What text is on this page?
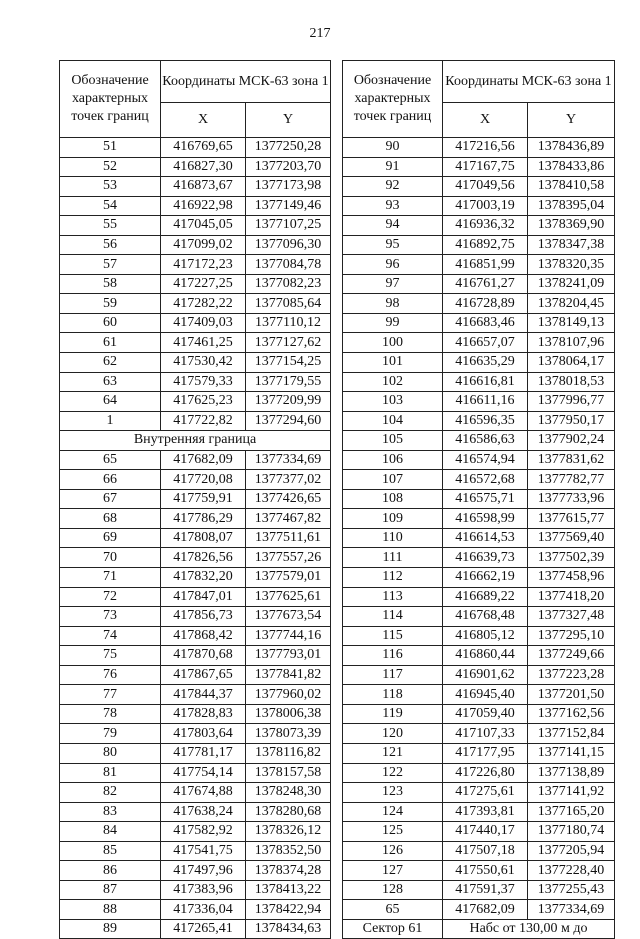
217
Обозначение характерных точек границ	Координаты МСК-63 зона 1	
	X	Y
51	416769,65	1377250,28
52	416827,30	1377203,70
53	416873,67	1377173,98
54	416922,98	1377149,46
55	417045,05	1377107,25
56	417099,02	1377096,30
57	417172,23	1377084,78
58	417227,25	1377082,23
59	417282,22	1377085,64
60	417409,03	1377110,12
61	417461,25	1377127,62
62	417530,42	1377154,25
63	417579,33	1377179,55
64	417625,23	1377209,99
1	417722,82	1377294,60
Внутренняя граница		
65	417682,09	1377334,69
66	417720,08	1377377,02
67	417759,91	1377426,65
68	417786,29	1377467,82
69	417808,07	1377511,61
70	417826,56	1377557,26
71	417832,20	1377579,01
72	417847,01	1377625,61
73	417856,73	1377673,54
74	417868,42	1377744,16
75	417870,68	1377793,01
76	417867,65	1377841,82
77	417844,37	1377960,02
78	417828,83	1378006,38
79	417803,64	1378073,39
80	417781,17	1378116,82
81	417754,14	1378157,58
82	417674,88	1378248,30
83	417638,24	1378280,68
84	417582,92	1378326,12
85	417541,75	1378352,50
86	417497,96	1378374,28
87	417383,96	1378413,22
88	417336,04	1378422,94
89	417265,41	1378434,63
Обозначение характерных точек границ	Координаты МСК-63 зона 1	
	X	Y
90	417216,56	1378436,89
91	417167,75	1378433,86
92	417049,56	1378410,58
93	417003,19	1378395,04
94	416936,32	1378369,90
95	416892,75	1378347,38
96	416851,99	1378320,35
97	416761,27	1378241,09
98	416728,89	1378204,45
99	416683,46	1378149,13
100	416657,07	1378107,96
101	416635,29	1378064,17
102	416616,81	1378018,53
103	416611,16	1377996,77
104	416596,35	1377950,17
105	416586,63	1377902,24
106	416574,94	1377831,62
107	416572,68	1377782,77
108	416575,71	1377733,96
109	416598,99	1377615,77
110	416614,53	1377569,40
111	416639,73	1377502,39
112	416662,19	1377458,96
113	416689,22	1377418,20
114	416768,48	1377327,48
115	416805,12	1377295,10
116	416860,44	1377249,66
117	416901,62	1377223,28
118	416945,40	1377201,50
119	417059,40	1377162,56
120	417107,33	1377152,84
121	417177,95	1377141,15
122	417226,80	1377138,89
123	417275,61	1377141,92
124	417393,81	1377165,20
125	417440,17	1377180,74
126	417507,18	1377205,94
127	417550,61	1377228,40
128	417591,37	1377255,43
65	417682,09	1377334,69
Сектор 61	Нaбс от 130,00 м до	
